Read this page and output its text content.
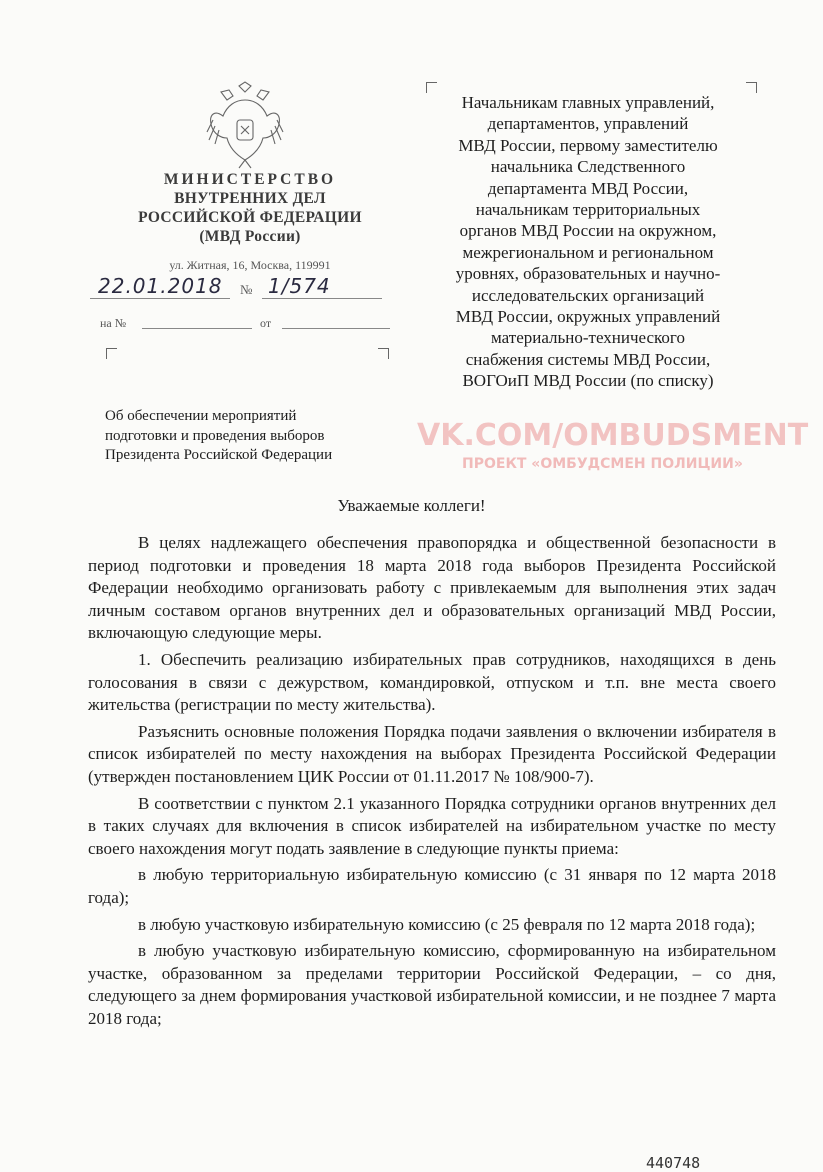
МИНИСТЕРСТВО
ВНУТРЕННИХ ДЕЛ
РОССИЙСКОЙ ФЕДЕРАЦИИ
(МВД России)
ул. Житная, 16, Москва, 119991
22.01.2018 № 1/574
на №	от
Начальникам главных управлений,
департаментов, управлений
МВД России, первому заместителю
начальника Следственного
департамента МВД России,
начальникам территориальных
органов МВД России на окружном,
межрегиональном и региональном
уровнях, образовательных и научно-
исследовательских организаций
МВД России, окружных управлений
материально-технического
снабжения системы МВД России,
ВОГОиП МВД России (по списку)
Об обеспечении мероприятий
подготовки и проведения выборов
Президента Российской Федерации
VK.COM/OMBUDSMENT
ПРОЕКТ «ОМБУДСМЕН ПОЛИЦИИ»
Уважаемые коллеги!

В целях надлежащего обеспечения правопорядка и общественной безопасности в период подготовки и проведения 18 марта 2018 года выборов Президента Российской Федерации необходимо организовать работу с привлекаемым для выполнения этих задач личным составом органов внутренних дел и образовательных организаций МВД России, включающую следующие меры.

1. Обеспечить реализацию избирательных прав сотрудников, находящихся в день голосования в связи с дежурством, командировкой, отпуском и т.п. вне места своего жительства (регистрации по месту жительства).

Разъяснить основные положения Порядка подачи заявления о включении избирателя в список избирателей по месту нахождения на выборах Президента Российской Федерации (утвержден постановлением ЦИК России от 01.11.2017 № 108/900-7).

В соответствии с пунктом 2.1 указанного Порядка сотрудники органов внутренних дел в таких случаях для включения в список избирателей на избирательном участке по месту своего нахождения могут подать заявление в следующие пункты приема:

в любую территориальную избирательную комиссию (с 31 января по 12 марта 2018 года);

в любую участковую избирательную комиссию (с 25 февраля по 12 марта 2018 года);

в любую участковую избирательную комиссию, сформированную на избирательном участке, образованном за пределами территории Российской Федерации, – со дня, следующего за днем формирования участковой избирательной комиссии, и не позднее 7 марта 2018 года;

440748
